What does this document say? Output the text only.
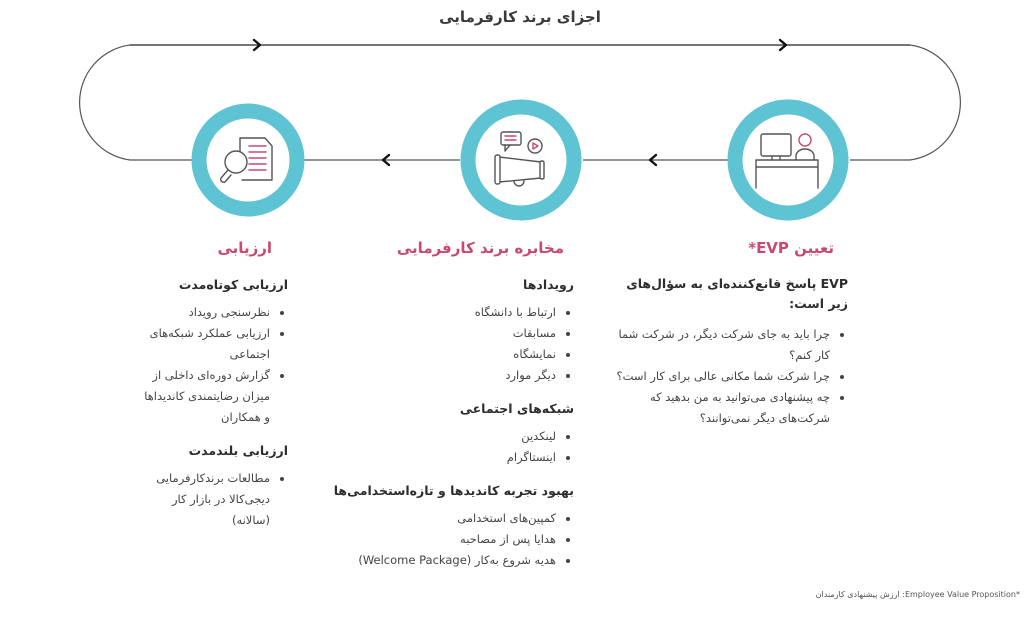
اجزای برند کارفرمایی
تعیین EVP*
مخابره برند کارفرمایی
ارزیابی
EVP پاسخ قانع‌کننده‌ای به سؤال‌های زیر است:
چرا باید به جای شرکت دیگر، در شرکت شما کار کنم؟
چرا شرکت شما مکانی عالی برای کار است؟
چه پیشنهادی می‌توانید به من بدهید که شرکت‌های دیگر نمی‌توانند؟
رویدادها
ارتباط با دانشگاه
مسابقات
نمایشگاه
دیگر موارد
شبکه‌های اجتماعی
لینکدین
اینستاگرام
بهبود تجربه کاندیدها و تازه‌استخدامی‌ها
کمپین‌های استخدامی
هدایا پس از مصاحبه
هدیه شروع به‌کار (Welcome Package)
ارزیابی کوتاه‌مدت
نظرسنجی رویداد
ارزیابی عملکرد شبکه‌های اجتماعی
گزارش دوره‌ای داخلی از میزان رضایتمندی کاندیداها و همکاران
ارزیابی بلندمدت
مطالعات برندکارفرمایی دیجی‌کالا در بازار کار (سالانه)
*Employee Value Proposition: ارزش پیشنهادی کارمندان
